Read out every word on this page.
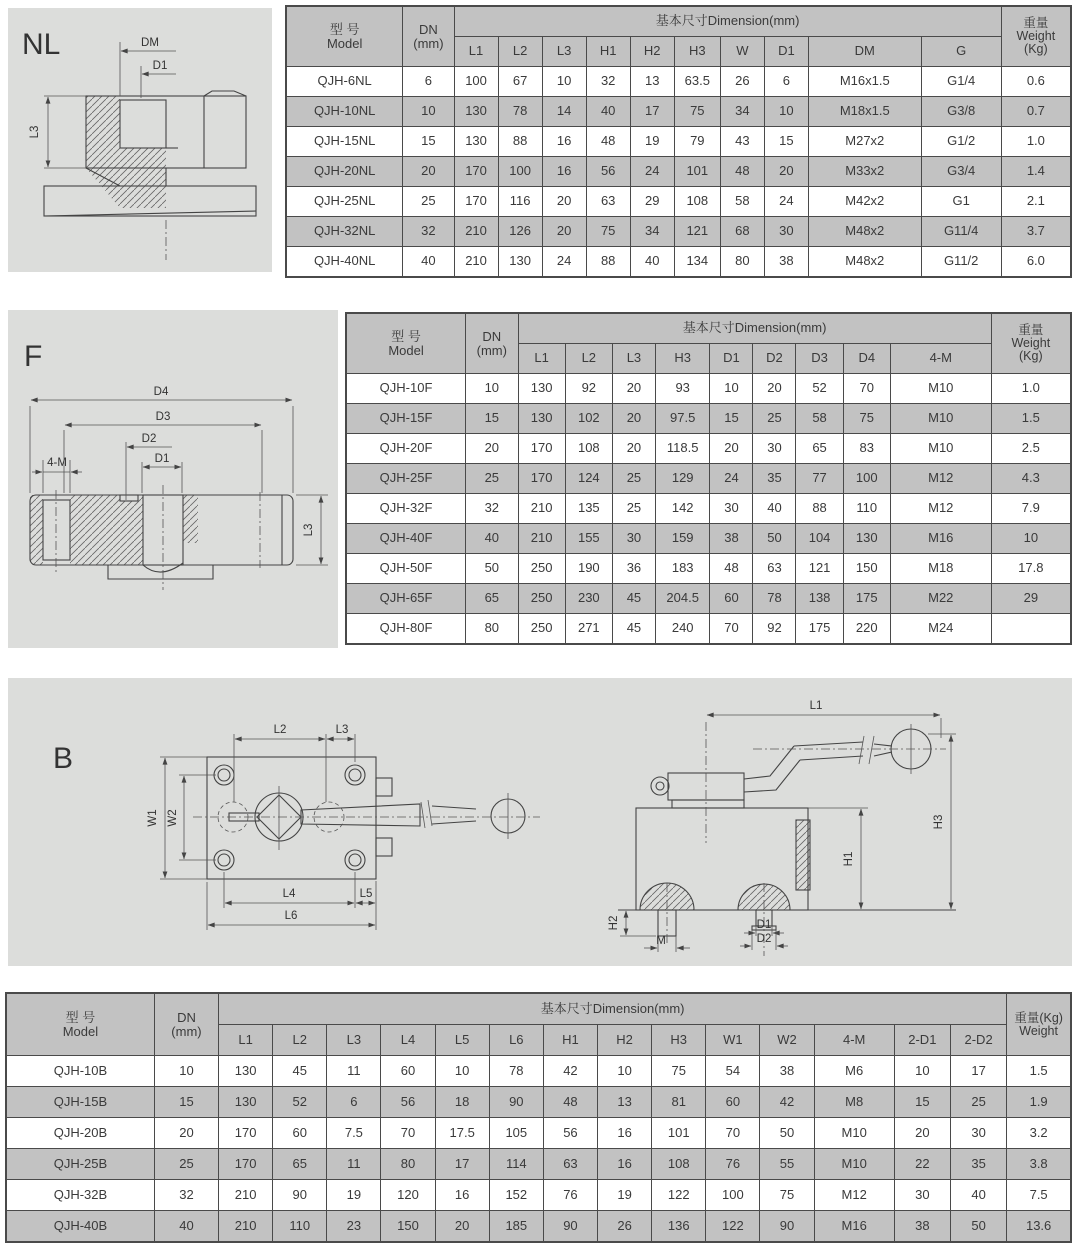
NL	DM
D1
L3
型 号
Model	DN
(mm)	基本尺寸Dimension(mm)										重量
Weight
(Kg)

		L1	L2	L3	H1	H2	H3	W	D1	DM	G	
QJH-6NL	6	100	67	10	32	13	63.5	26	6	M16x1.5	G1/4	0.6
QJH-10NL	10	130	78	14	40	17	75	34	10	M18x1.5	G3/8	0.7
QJH-15NL	15	130	88	16	48	19	79	43	15	M27x2	G1/2	1.0
QJH-20NL	20	170	100	16	56	24	101	48	20	M33x2	G3/4	1.4
QJH-25NL	25	170	116	20	63	29	108	58	24	M42x2	G1	2.1
QJH-32NL	32	210	126	20	75	34	121	68	30	M48x2	G11/4	3.7
QJH-40NL	40	210	130	24	88	40	134	80	38	M48x2	G11/2	6.0
F
D4
D3
D2
D1
4-M
L3
型 号
Model	DN
(mm)	基本尺寸Dimension(mm)									重量
Weight
(Kg)

		L1	L2	L3	H3	D1	D2	D3	D4	4-M	
QJH-10F	10	130	92	20	93	10	20	52	70	M10	1.0
QJH-15F	15	130	102	20	97.5	15	25	58	75	M10	1.5
QJH-20F	20	170	108	20	118.5	20	30	65	83	M10	2.5
QJH-25F	25	170	124	25	129	24	35	77	100	M12	4.3
QJH-32F	32	210	135	25	142	30	40	88	110	M12	7.9
QJH-40F	40	210	155	30	159	38	50	104	130	M16	10
QJH-50F	50	250	190	36	183	48	63	121	150	M18	17.8
QJH-65F	65	250	230	45	204.5	60	78	138	175	M22	29
QJH-80F	80	250	271	45	240	70	92	175	220	M24	
B
L2	L3
W1 W2
L4	L5
L6
L1
H3
H1
H2
M
D1
D2
型 号
Model	DN
(mm)	基本尺寸Dimension(mm)														重量(Kg)
Weight

		L1	L2	L3	L4	L5	L6	H1	H2	H3	W1	W2	4-M	2-D1	2-D2	
QJH-10B	10	130	45	11	60	10	78	42	10	75	54	38	M6	10	17	1.5
QJH-15B	15	130	52	6	56	18	90	48	13	81	60	42	M8	15	25	1.9
QJH-20B	20	170	60	7.5	70	17.5	105	56	16	101	70	50	M10	20	30	3.2
QJH-25B	25	170	65	11	80	17	114	63	16	108	76	55	M10	22	35	3.8
QJH-32B	32	210	90	19	120	16	152	76	19	122	100	75	M12	30	40	7.5
QJH-40B	40	210	110	23	150	20	185	90	26	136	122	90	M16	38	50	13.6
